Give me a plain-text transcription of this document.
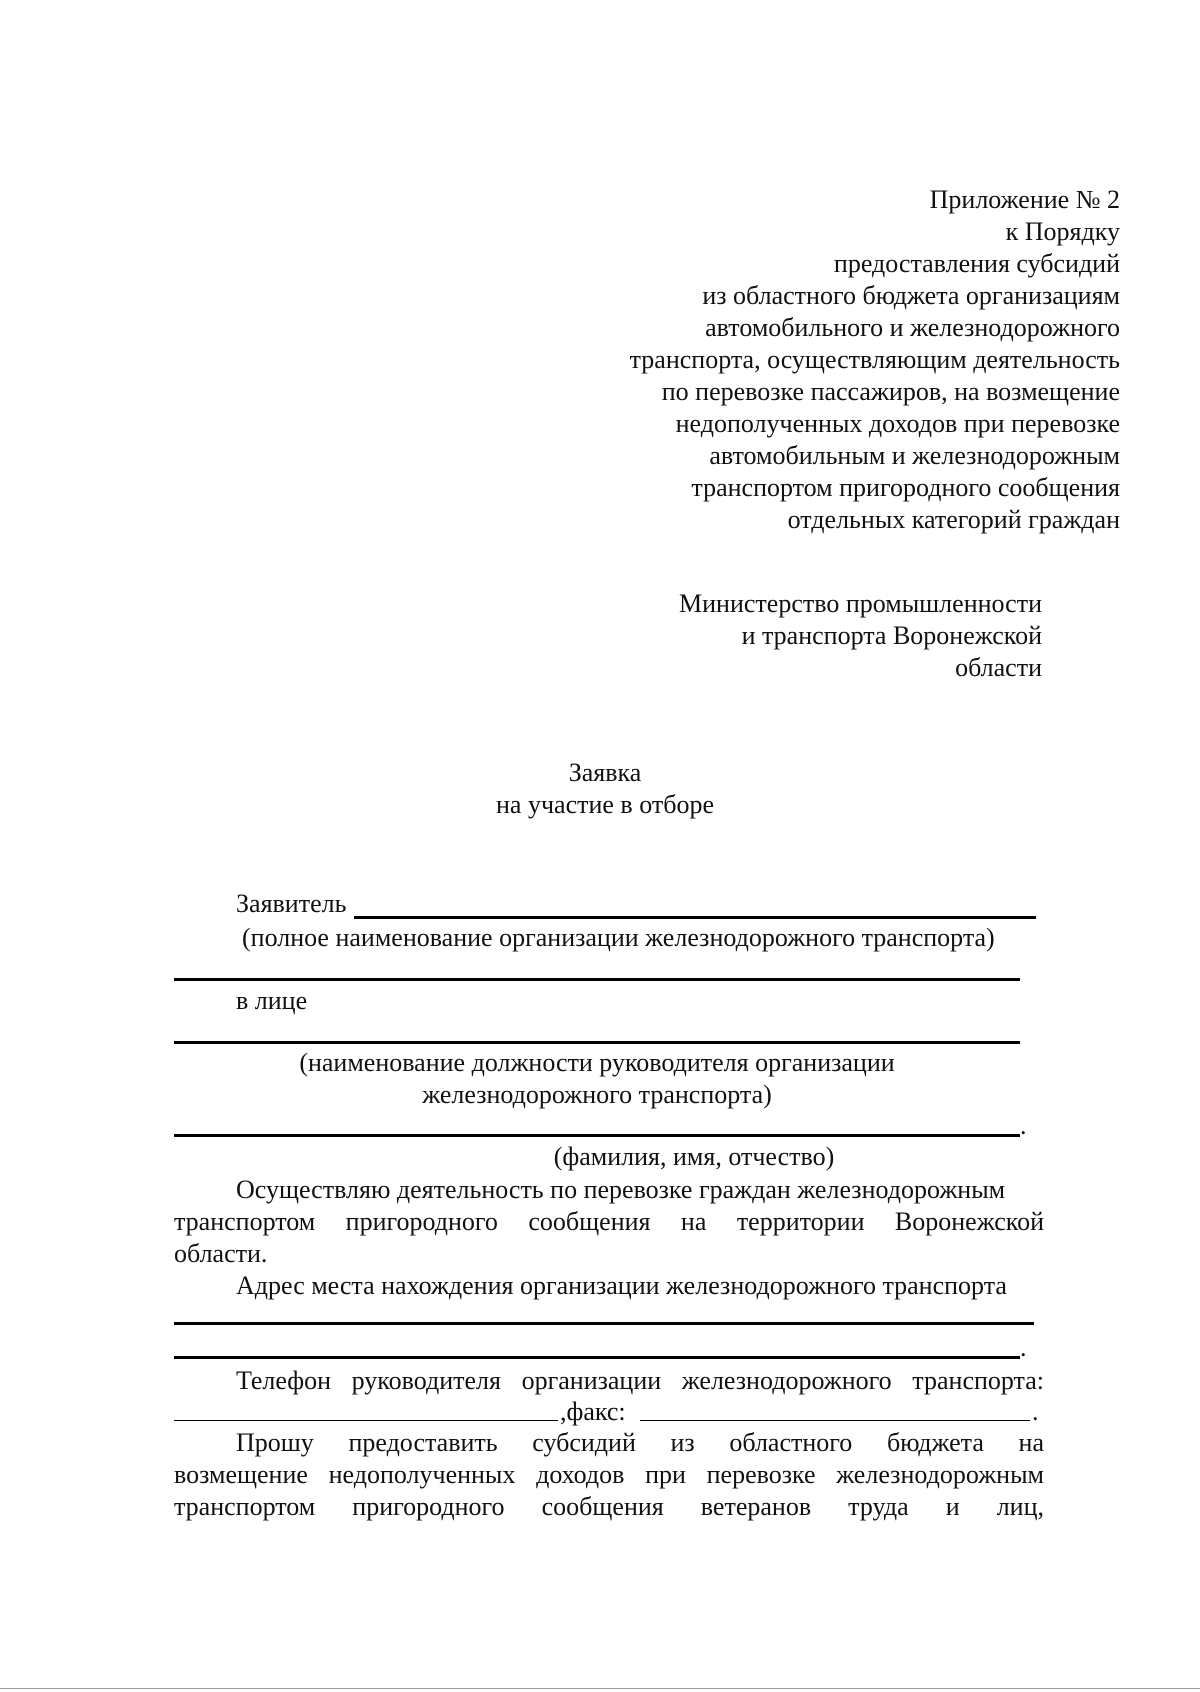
Приложение № 2
к Порядку
предоставления субсидий
из областного бюджета организациям
автомобильного и железнодорожного
транспорта, осуществляющим деятельность
по перевозке пассажиров, на возмещение
недополученных доходов при перевозке
автомобильным и железнодорожным
транспортом пригородного сообщения
отдельных категорий граждан
Министерство промышленности
и транспорта Воронежской
области
Заявка
на участие в отборе
Заявитель
(полное наименование организации железнодорожного транспорта)
в лице
(наименование должности руководителя организации
железнодорожного транспорта)
.
(фамилия, имя, отчество)
Осуществляю деятельность по перевозке граждан железнодорожным
транспортом пригородного сообщения на территории Воронежской
области.
Адрес места нахождения организации железнодорожного транспорта
.
Телефон руководителя организации железнодорожного транспорта:
,факс:	.
Прошу предоставить субсидий из областного бюджета на
возмещение недополученных доходов при перевозке железнодорожным
транспортом пригородного сообщения ветеранов труда и лиц,
